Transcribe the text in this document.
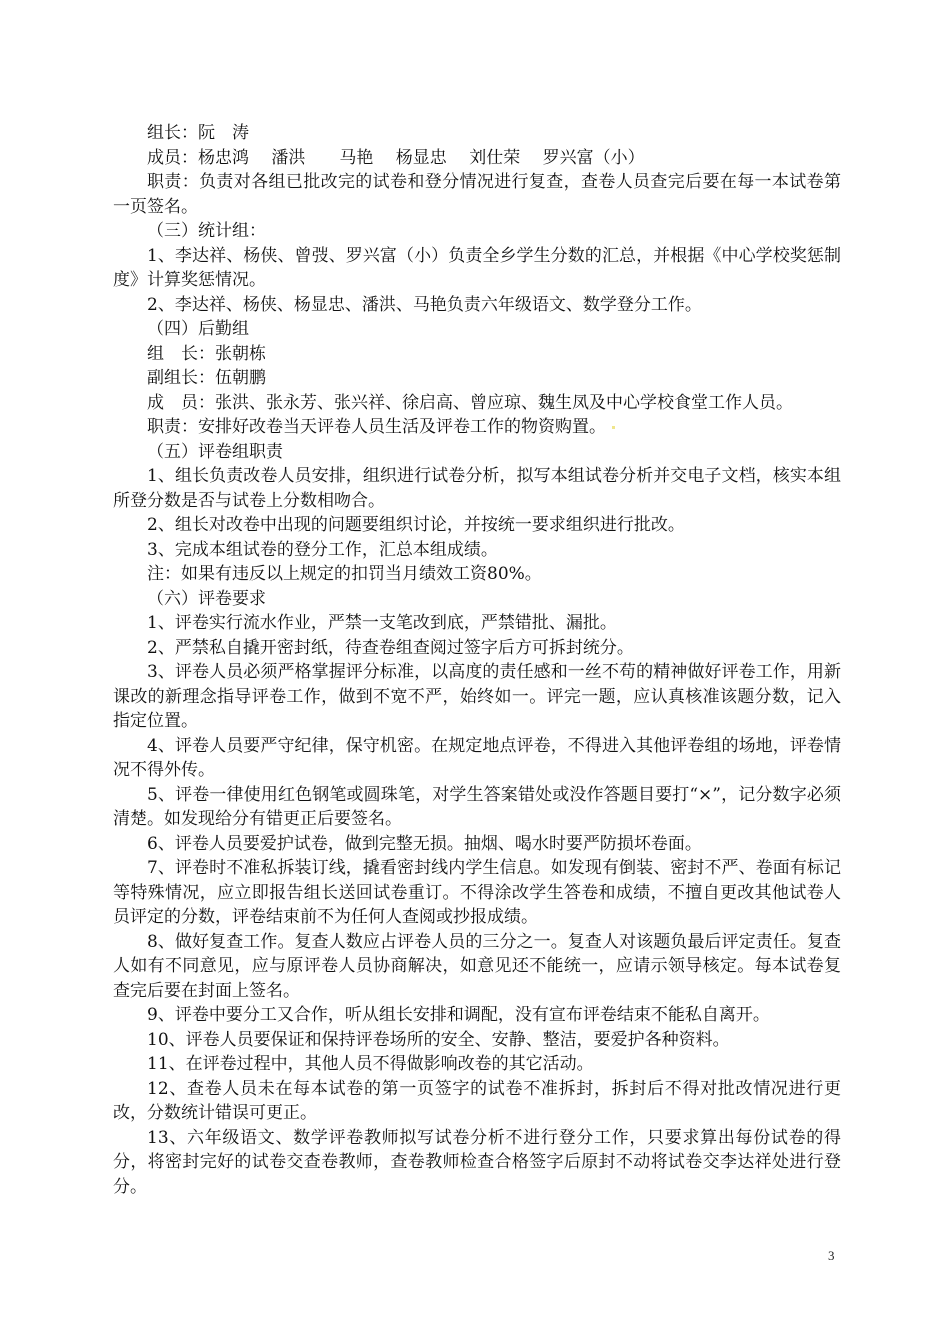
组长：阮　涛

成员：杨忠鸿　 潘洪　　马艳　 杨显忠　 刘仕荣　 罗兴富（小）

职责：负责对各组已批改完的试卷和登分情况进行复查，查卷人员查完后要在每一本试卷第一页签名。

（三）统计组：

1、李达祥、杨侠、曾弢、罗兴富（小）负责全乡学生分数的汇总，并根据《中心学校奖惩制度》计算奖惩情况。

2、李达祥、杨侠、杨显忠、潘洪、马艳负责六年级语文、数学登分工作。

（四）后勤组

组　长：张朝栋

副组长：伍朝鹏

成　员：张洪、张永芳、张兴祥、徐启高、曾应琼、魏生凤及中心学校食堂工作人员。

职责：安排好改卷当天评卷人员生活及评卷工作的物资购置。

（五）评卷组职责

1、组长负责改卷人员安排，组织进行试卷分析，拟写本组试卷分析并交电子文档，核实本组所登分数是否与试卷上分数相吻合。

2、组长对改卷中出现的问题要组织讨论，并按统一要求组织进行批改。

3、完成本组试卷的登分工作，汇总本组成绩。

注：如果有违反以上规定的扣罚当月绩效工资80%。

（六）评卷要求

1、评卷实行流水作业，严禁一支笔改到底，严禁错批、漏批。

2、严禁私自撬开密封纸，待查卷组查阅过签字后方可拆封统分。

3、评卷人员必须严格掌握评分标准，以高度的责任感和一丝不苟的精神做好评卷工作，用新课改的新理念指导评卷工作，做到不宽不严，始终如一。评完一题，应认真核准该题分数，记入指定位置。

4、评卷人员要严守纪律，保守机密。在规定地点评卷，不得进入其他评卷组的场地，评卷情况不得外传。

5、评卷一律使用红色钢笔或圆珠笔，对学生答案错处或没作答题目要打“×”，记分数字必须清楚。如发现给分有错更正后要签名。

6、评卷人员要爱护试卷，做到完整无损。抽烟、喝水时要严防损坏卷面。

7、评卷时不准私拆装订线，撬看密封线内学生信息。如发现有倒装、密封不严、卷面有标记等特殊情况，应立即报告组长送回试卷重订。不得涂改学生答卷和成绩，不擅自更改其他试卷人员评定的分数，评卷结束前不为任何人查阅或抄报成绩。

8、做好复查工作。复查人数应占评卷人员的三分之一。复查人对该题负最后评定责任。复查人如有不同意见，应与原评卷人员协商解决，如意见还不能统一，应请示领导核定。每本试卷复查完后要在封面上签名。

9、评卷中要分工又合作，听从组长安排和调配，没有宣布评卷结束不能私自离开。

10、评卷人员要保证和保持评卷场所的安全、安静、整洁，要爱护各种资料。

11、在评卷过程中，其他人员不得做影响改卷的其它活动。

12、查卷人员未在每本试卷的第一页签字的试卷不准拆封，拆封后不得对批改情况进行更改，分数统计错误可更正。

13、六年级语文、数学评卷教师拟写试卷分析不进行登分工作，只要求算出每份试卷的得分，将密封完好的试卷交查卷教师，查卷教师检查合格签字后原封不动将试卷交李达祥处进行登分。

3
